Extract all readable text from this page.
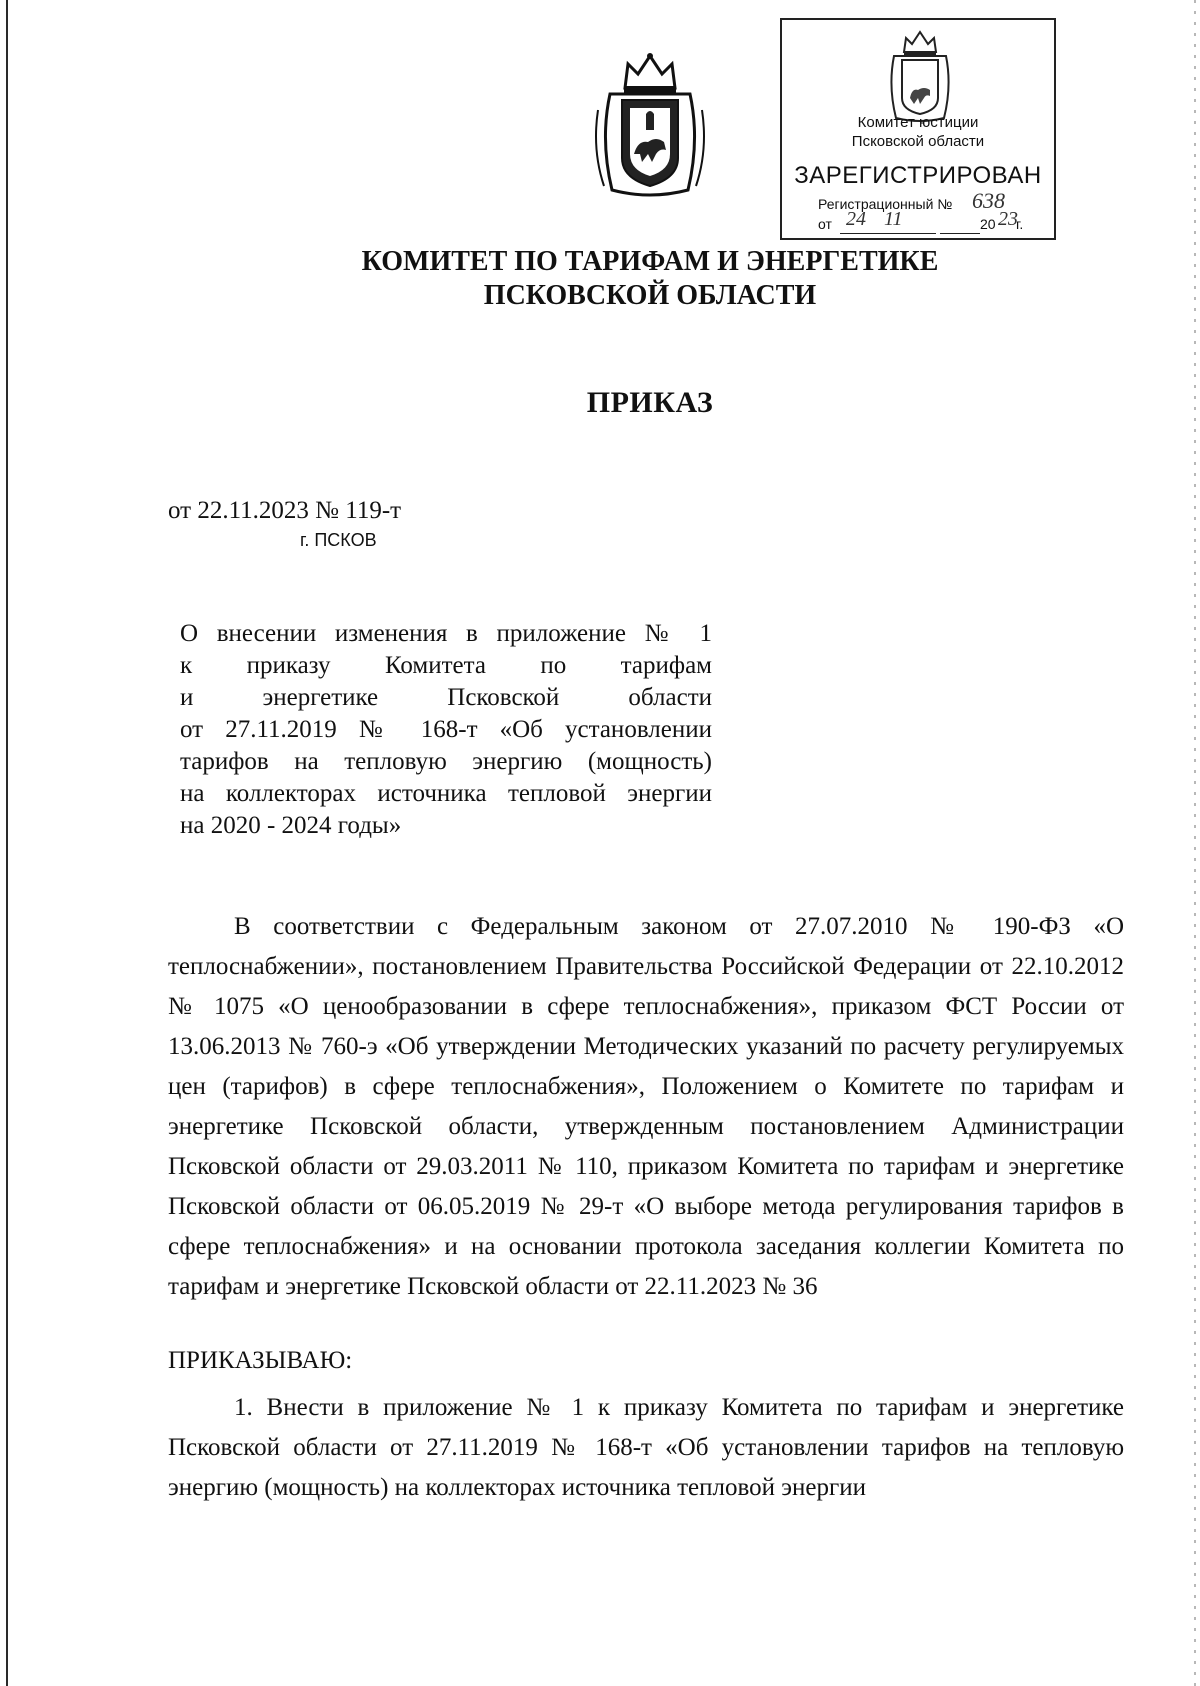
Комитет юстиции
Псковской области
ЗАРЕГИСТРИРОВАН
Регистрационный № 638
от 24 11	20 23
г.
КОМИТЕТ ПО ТАРИФАМ И ЭНЕРГЕТИКЕ
ПСКОВСКОЙ ОБЛАСТИ
ПРИКАЗ
от 22.11.2023 № 119-т
г. ПСКОВ
О внесении изменения в приложение № 1
к приказу Комитета по тарифам
и энергетике Псковской области
от 27.11.2019 № 168-т «Об установлении
тарифов на тепловую энергию (мощность)
на коллекторах источника тепловой энергии
на 2020 - 2024 годы»
В соответствии с Федеральным законом от 27.07.2010 № 190-ФЗ «О теплоснабжении», постановлением Правительства Российской Федерации от 22.10.2012 № 1075 «О ценообразовании в сфере теплоснабжения», приказом ФСТ России от 13.06.2013 № 760-э «Об утверждении Методических указаний по расчету регулируемых цен (тарифов) в сфере теплоснабжения», Положением о Комитете по тарифам и энергетике Псковской области, утвержденным постановлением Администрации Псковской области от 29.03.2011 № 110, приказом Комитета по тарифам и энергетике Псковской области от 06.05.2019 № 29-т «О выборе метода регулирования тарифов в сфере теплоснабжения» и на основании протокола заседания коллегии Комитета по тарифам и энергетике Псковской области от 22.11.2023 № 36
ПРИКАЗЫВАЮ:
1. Внести в приложение № 1 к приказу Комитета по тарифам и энергетике Псковской области от 27.11.2019 № 168-т «Об установлении тарифов на тепловую энергию (мощность) на коллекторах источника тепловой энергии
